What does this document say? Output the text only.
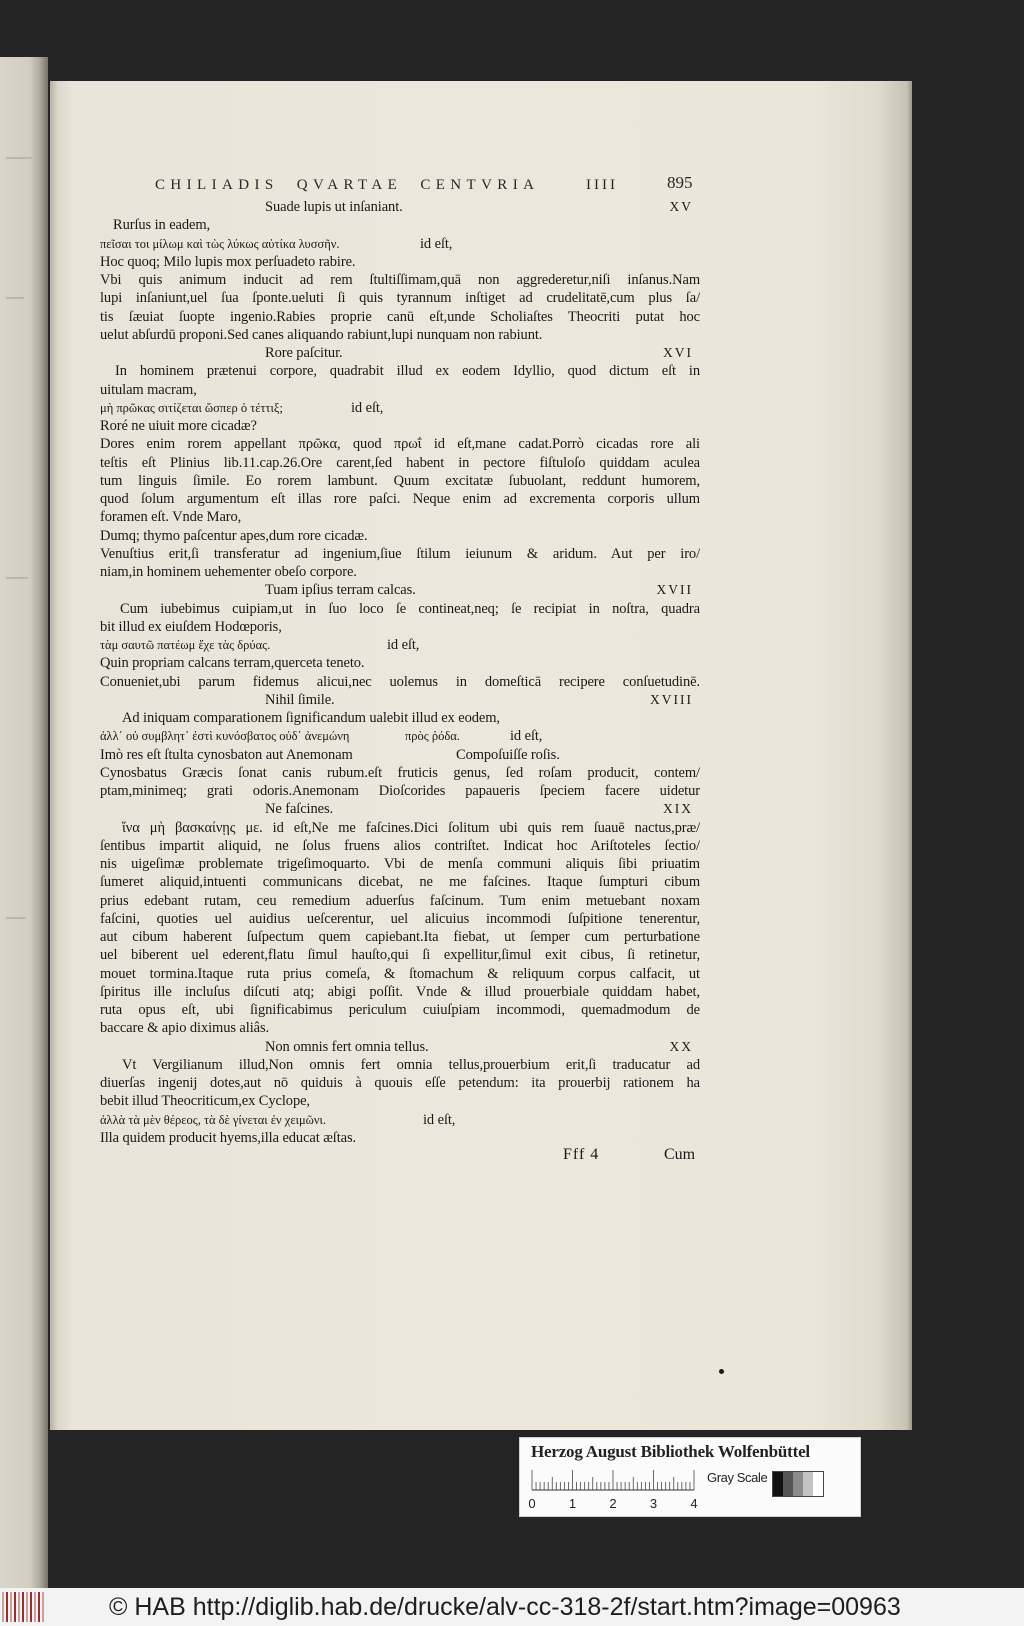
CHILIADIS QVARTAE CENTVRIA	IIII	895
Suade lupis ut inſaniant.	XV
Rurſus in eadem,
πεῖσαι τοι μίλωμ καὶ τὼς λύκως αὐτίκα λυσσῆν.	id eſt,
Hoc quoq; Milo lupis mox perſuadeto rabire.
Vbi quis animum inducit ad rem ſtultiſſimam,quā non aggrederetur,niſi inſanus.Nam
lupi inſaniunt,uel ſua ſponte.ueluti ſi quis tyrannum inſtiget ad crudelitatē,cum plus ſa/
tis ſæuiat ſuopte ingenio.Rabies proprie canū eſt,unde Scholiaſtes Theocriti putat hoc
uelut abſurdū proponi.Sed canes aliquando rabiunt,lupi nunquam non rabiunt.
Rore paſcitur.	XVI
In hominem prætenui corpore, quadrabit illud ex eodem Idyllio, quod dictum eſt in
uitulam macram,
μὴ πρῶκας σιτίζεται ὥσπερ ὁ τέττιξ;	id eſt,
Roré ne uiuit more cicadæ?
Dores enim rorem appellant πρῶκα, quod πρωΐ id eſt,mane cadat.Porrò cicadas rore ali
teſtis eſt Plinius lib.11.cap.26.Ore carent,ſed habent in pectore fiſtuloſo quiddam aculea
tum linguis ſimile. Eo rorem lambunt. Quum excitatæ ſubuolant, reddunt humorem,
quod ſolum argumentum eſt illas rore paſci. Neque enim ad excrementa corporis ullum
foramen eſt. Vnde Maro,
Dumq; thymo paſcentur apes,dum rore cicadæ.
Venuſtius erit,ſi transferatur ad ingenium,ſiue ſtilum ieiunum & aridum. Aut per iro/
niam,in hominem uehementer obeſo corpore.
Tuam ipſius terram calcas.	XVII
Cum iubebimus cuipiam,ut in ſuo loco ſe contineat,neq; ſe recipiat in noſtra, quadra
bit illud ex eiuſdem Hodœporis,
τὰμ σαυτῶ πατέωμ ἔχε τὰς δρύας.	id eſt,
Quin propriam calcans terram,querceta teneto.
Conueniet,ubi parum fidemus alicui,nec uolemus in domeſticā recipere conſuetudinē.
Nihil ſimile.	XVIII
Ad iniquam comparationem ſignificandum ualebit illud ex eodem,
ἀλλ᾽ οὐ συμβλητ᾽ ἐστὶ κυνόσβατος οὐδ᾽ ἀνεμώνη	πρὸς ῥόδα.	id eſt,
Imò res eſt ſtulta cynosbaton aut Anemonam	Compoſuiſſe roſis.
Cynosbatus Græcis ſonat canis rubum.eſt fruticis genus, ſed roſam producit, contem/
ptam,minimeq; grati odoris.Anemonam Dioſcorides papaueris ſpeciem facere uidetur
Ne faſcines.	XIX
ἵνα μὴ βασκαίνῃς με. id eſt,Ne me faſcines.Dici ſolitum ubi quis rem ſuauē nactus,præ/
ſentibus impartit aliquid, ne ſolus fruens alios contriſtet. Indicat hoc Ariſtoteles ſectio/
nis uigeſimæ problemate trigeſimoquarto. Vbi de menſa communi aliquis ſibi priuatim
ſumeret aliquid,intuenti communicans dicebat, ne me faſcines. Itaque ſumpturi cibum
prius edebant rutam, ceu remedium aduerſus faſcinum. Tum enim metuebant noxam
faſcini, quoties uel auidius ueſcerentur, uel alicuius incommodi ſuſpitione tenerentur,
aut cibum haberent ſuſpectum quem capiebant.Ita fiebat, ut ſemper cum perturbatione
uel biberent uel ederent,flatu ſimul hauſto,qui ſi expellitur,ſimul exit cibus, ſi retinetur,
mouet tormina.Itaque ruta prius comeſa, & ſtomachum & reliquum corpus calfacit, ut
ſpiritus ille incluſus diſcuti atq; abigi poſſit. Vnde & illud prouerbiale quiddam habet,
ruta opus eſt, ubi ſignificabimus periculum cuiuſpiam incommodi, quemadmodum de
baccare & apio diximus aliâs.
Non omnis fert omnia tellus.	XX
Vt Vergilianum illud,Non omnis fert omnia tellus,prouerbium erit,ſi traducatur ad
diuerſas ingenij dotes,aut nō quiduis à quouis eſſe petendum: ita prouerbij rationem ha
bebit illud Theocriticum,ex Cyclope,
ἀλλὰ τὰ μὲν θέρεος, τὰ δὲ γίνεται ἐν χειμῶνι.	id eſt,
Illa quidem producit hyems,illa educat æſtas.
Fff 4	Cum
Herzog August Bibliothek Wolfenbüttel
0	1	2	3	4
Gray Scale
© HAB http://diglib.hab.de/drucke/alv-cc-318-2f/start.htm?image=00963
